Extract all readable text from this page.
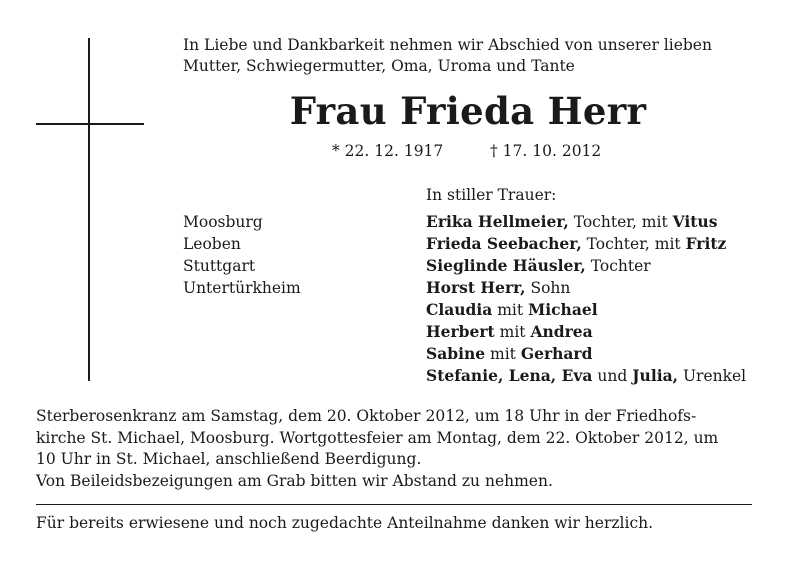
In Liebe und Dankbarkeit nehmen wir Abschied von unserer lieben
Mutter, Schwiegermutter, Oma, Uroma und Tante
Frau Frieda Herr
* 22. 12. 1917	† 17. 10. 2012
In stiller Trauer:
Moosburg
Leoben
Stuttgart
Untertürkheim
Erika Hellmeier, Tochter, mit Vitus
Frieda Seebacher, Tochter, mit Fritz
Sieglinde Häusler, Tochter
Horst Herr, Sohn
Claudia mit Michael
Herbert mit Andrea
Sabine mit Gerhard
Stefanie, Lena, Eva und Julia, Urenkel

Sterberosenkranz am Samstag, dem 20. Oktober 2012, um 18 Uhr in der Friedhofs-

kirche St. Michael, Moosburg. Wortgottesfeier am Montag, dem 22. Oktober 2012, um

10 Uhr in St. Michael, anschließend Beerdigung.

Von Beileidsbezeigungen am Grab bitten wir Abstand zu nehmen.

Für bereits erwiesene und noch zugedachte Anteilnahme danken wir herzlich.
